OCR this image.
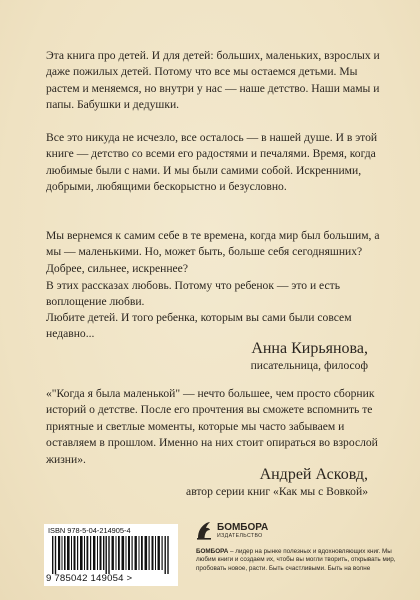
Эта книга про детей. И для детей: больших, маленьких, взрослых и даже пожилых детей. Потому что все мы остаемся детьми. Мы растем и меняемся, но внутри у нас — наше детство. Наши мамы и папы. Бабушки и дедушки.

Все это никуда не исчезло, все осталось — в нашей душе. И в этой книге — детство со всеми его радостями и печалями. Время, когда любимые были с нами. И мы были самими собой. Искренними, добрыми, любящими бескорыстно и безусловно.

Мы вернемся к самим себе в те времена, когда мир был большим, а мы — маленькими. Но, может быть, больше себя сегодняшних? Добрее, сильнее, искреннее?

В этих рассказах любовь. Потому что ребенок — это и есть воплощение любви.

Любите детей. И того ребенка, которым вы сами были совсем недавно...

Анна Кирьянова,

писательница, философ

«"Когда я была маленькой" — нечто большее, чем просто сборник историй о детстве. После его прочтения вы сможете вспомнить те приятные и светлые моменты, которые мы часто забываем и оставляем в прошлом. Именно на них стоит опираться во взрослой жизни».

Андрей Асковд,

автор серии книг «Как мы с Вовкой»

ISBN 978-5-04-214905-4
9 785042 149054 >
БОМБОРА
ИЗДАТЕЛЬСТВО
БОМБОРА – лидер на рынке полезных и вдохновляющих книг. Мы любим книги и создаем их, чтобы вы могли творить, открывать мир, пробовать новое, расти. Быть счастливыми. Быть на волне
